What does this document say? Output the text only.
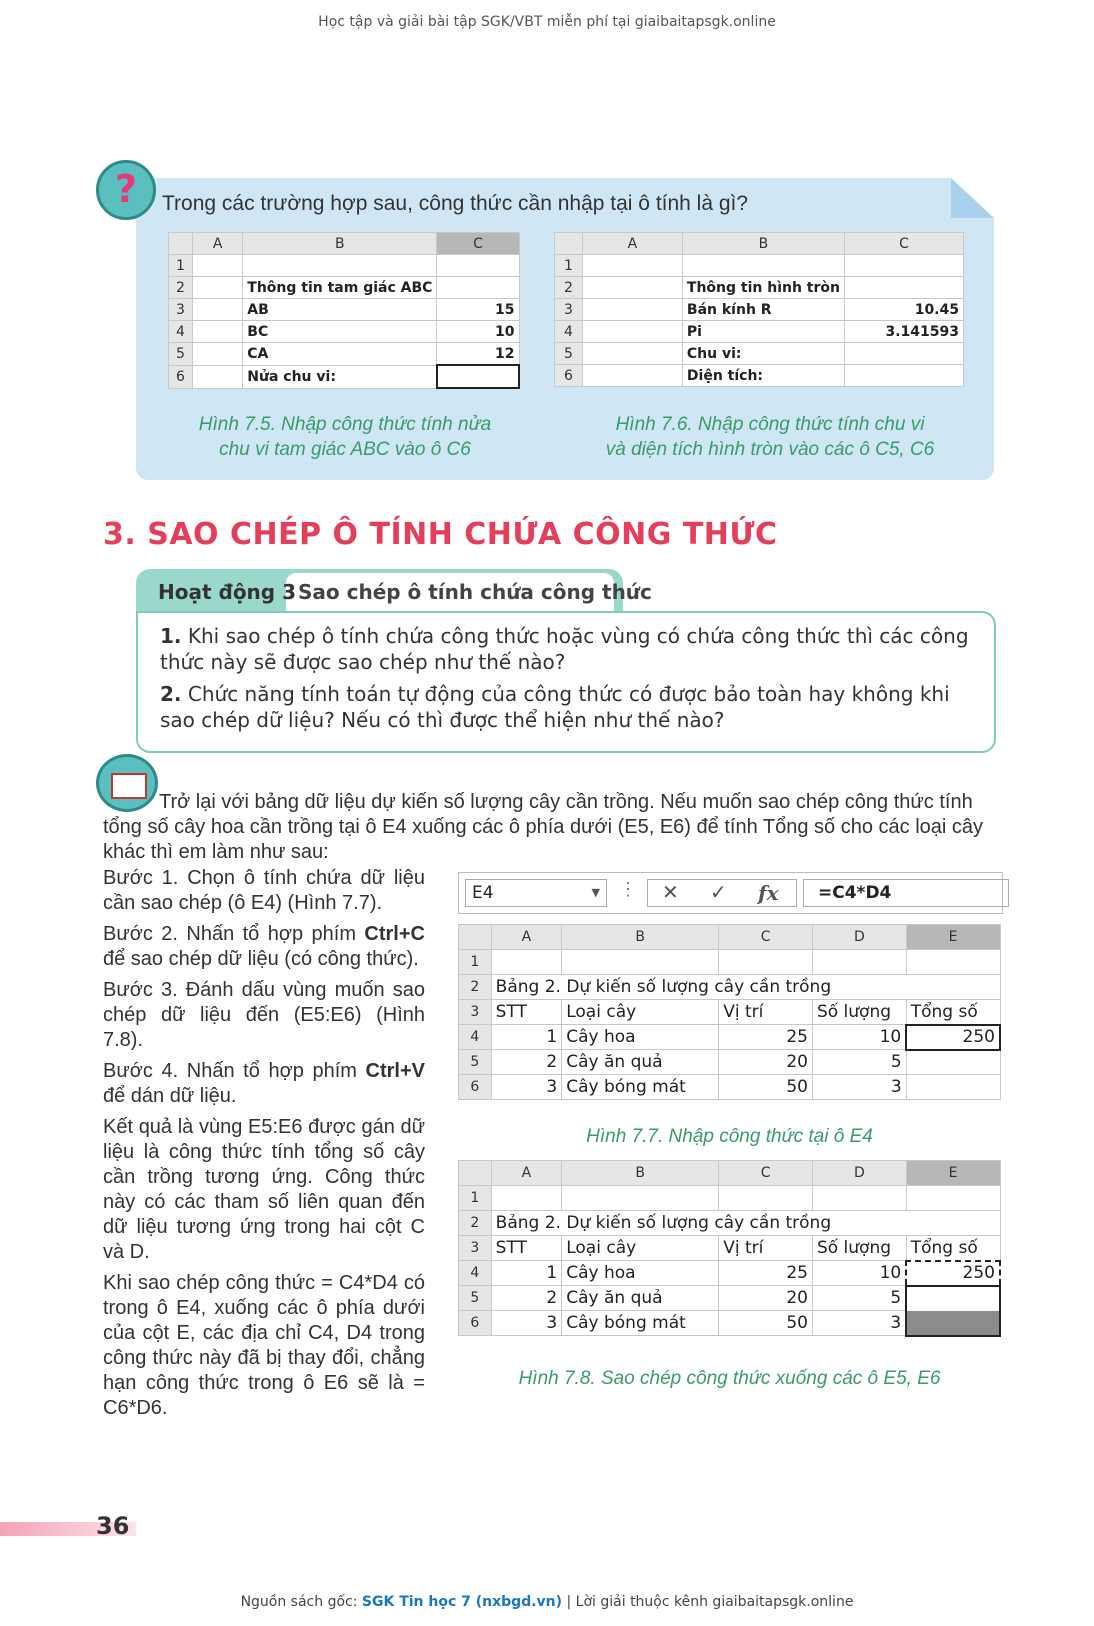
Học tập và giải bài tập SGK/VBT miễn phí tại giaibaitapsgk.online
?	Trong các trường hợp sau, công thức cần nhập tại ô tính là gì?
	A	B	C
1			
2		Thông tin tam giác ABC	
3		AB	15
4		BC	10
5		CA	12
6		Nửa chu vi:	
Hình 7.5. Nhập công thức tính nửa
chu vi tam giác ABC vào ô C6
	A	B	C
1			
2		Thông tin hình tròn	
3		Bán kính R	10.45
4		Pi	3.141593
5		Chu vi:	
6		Diện tích:	
Hình 7.6. Nhập công thức tính chu vi
và diện tích hình tròn vào các ô C5, C6
3. SAO CHÉP Ô TÍNH CHỨA CÔNG THỨC
Hoạt động 3 Sao chép ô tính chứa công thức
1. Khi sao chép ô tính chứa công thức hoặc vùng có chứa công thức thì các công thức này sẽ được sao chép như thế nào?
2. Chức năng tính toán tự động của công thức có được bảo toàn hay không khi sao chép dữ liệu? Nếu có thì được thể hiện như thế nào?
Trở lại với bảng dữ liệu dự kiến số lượng cây cần trồng. Nếu muốn sao chép công thức tính tổng số cây hoa cần trồng tại ô E4 xuống các ô phía dưới (E5, E6) để tính Tổng số cho các loại cây khác thì em làm như sau:

Bước 1. Chọn ô tính chứa dữ liệu cần sao chép (ô E4) (Hình 7.7).

Bước 2. Nhấn tổ hợp phím Ctrl+C để sao chép dữ liệu (có công thức).

Bước 3. Đánh dấu vùng muốn sao chép dữ liệu đến (E5:E6) (Hình 7.8).

Bước 4. Nhấn tổ hợp phím Ctrl+V để dán dữ liệu.

Kết quả là vùng E5:E6 được gán dữ liệu là công thức tính tổng số cây cần trồng tương ứng. Công thức này có các tham số liên quan đến dữ liệu tương ứng trong hai cột C và D.

Khi sao chép công thức = C4*D4 có trong ô E4, xuống các ô phía dưới của cột E, các địa chỉ C4, D4 trong công thức này đã bị thay đổi, chẳng hạn công thức trong ô E6 sẽ là = C6*D6.

E4	▼ ⋮ ✕ ✓ fx	=C4*D4
	A	B	C	D	E
1					
2	Bảng 2. Dự kiến số lượng cây cần trồng				
3	STT	Loại cây	Vị trí	Số lượng	Tổng số
4	1	Cây hoa	25	10	250
5	2	Cây ăn quả	20	5	
6	3	Cây bóng mát	50	3	
Hình 7.7. Nhập công thức tại ô E4
	A	B	C	D	E
1					
2	Bảng 2. Dự kiến số lượng cây cần trồng				
3	STT	Loại cây	Vị trí	Số lượng	Tổng số
4	1	Cây hoa	25	10	250
5	2	Cây ăn quả	20	5	
6	3	Cây bóng mát	50	3	
Hình 7.8. Sao chép công thức xuống các ô E5, E6
36
Nguồn sách gốc: SGK Tin học 7 (nxbgd.vn) | Lời giải thuộc kênh giaibaitapsgk.online
